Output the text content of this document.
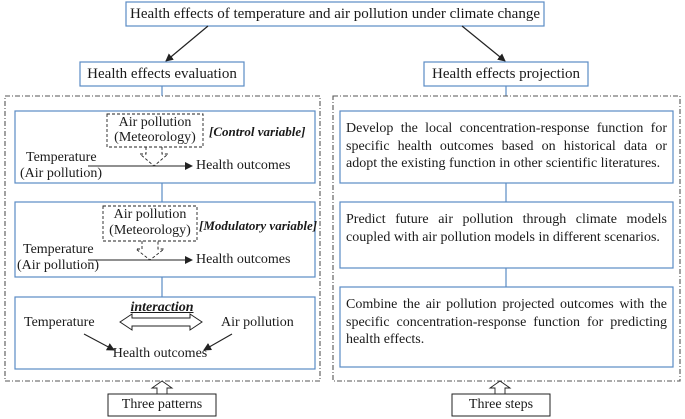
Health effects of temperature and air pollution under climate change
Health effects evaluation	Health effects projection
Air pollution
(Meteorology) [Control variable]
Temperature
(Air pollution)
Health outcomes
Air pollution
(Meteorology) [Modulatory variable]
Temperature
(Air pollution)	Health outcomes
interaction
Temperature	Air pollution
Health outcomes
Develop the local concentration-response function for specific health outcomes based on historical data or adopt the existing function in other scientific literatures.
Predict future air pollution through climate models coupled with air pollution models in different scenarios.
Combine the air pollution projected outcomes with the specific concentration-response function for predicting health effects.
Three patterns	Three steps
